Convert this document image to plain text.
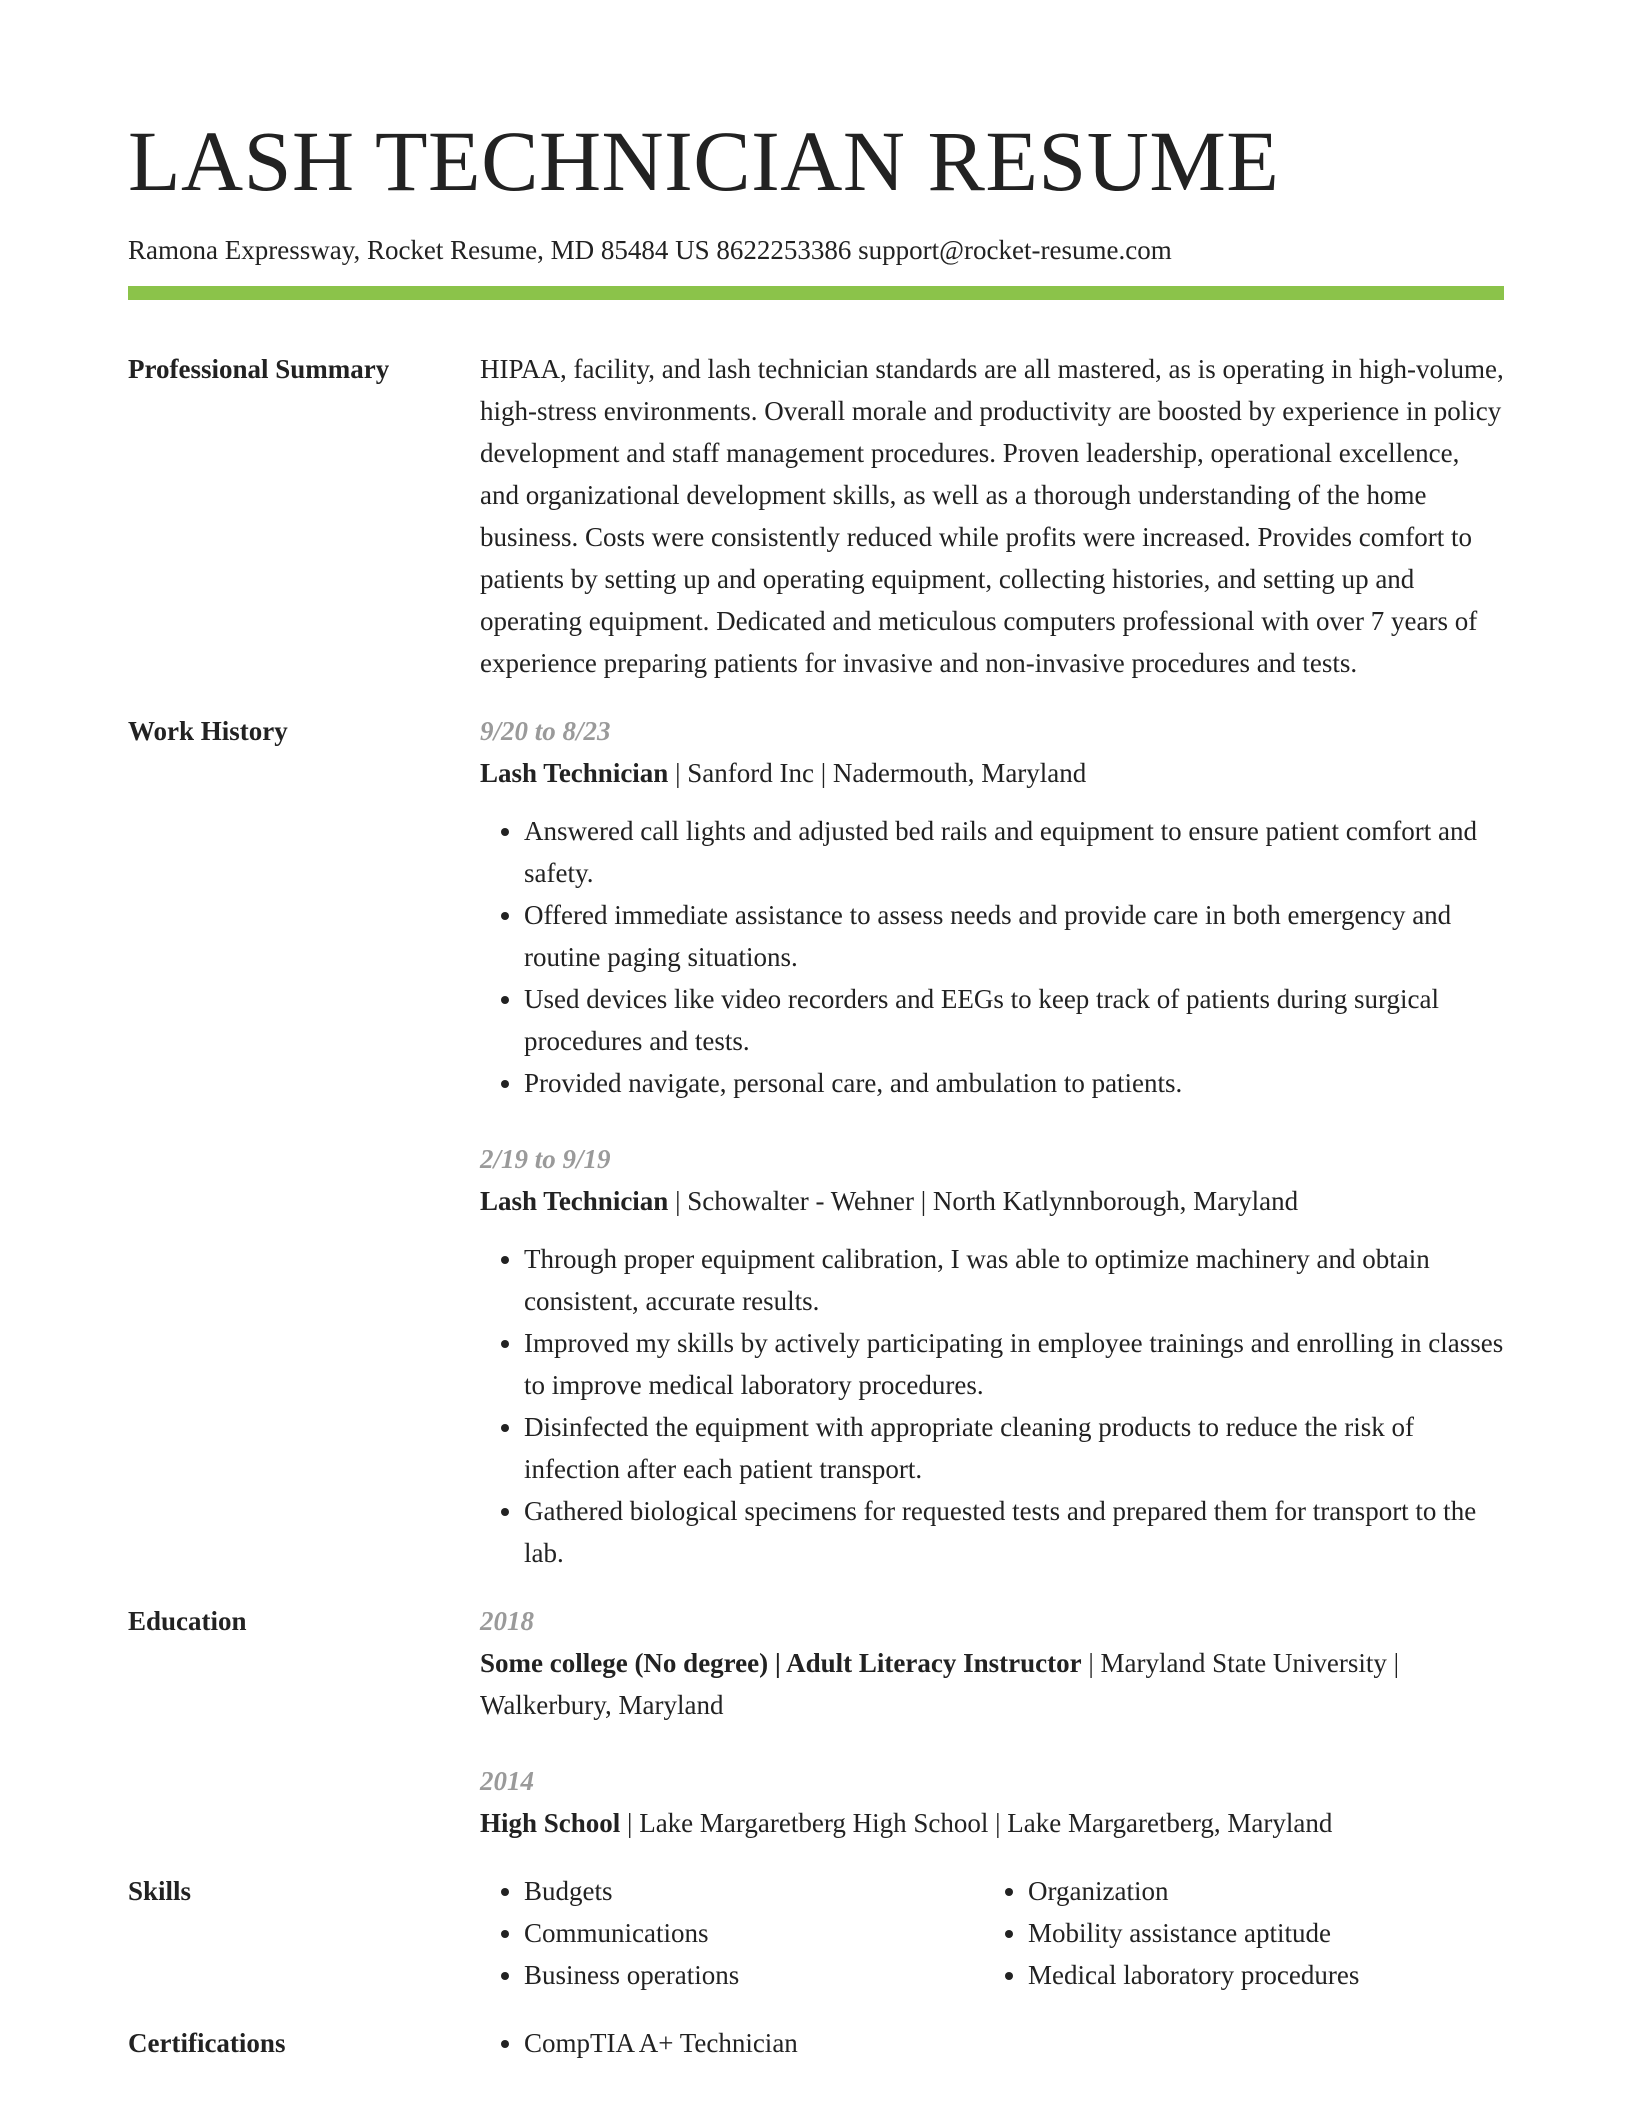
LASH TECHNICIAN RESUME
Ramona Expressway, Rocket Resume, MD 85484 US 8622253386 support@rocket-resume.com
Professional Summary	HIPAA, facility, and lash technician standards are all mastered, as is operating in high-volume, high-stress environments. Overall morale and productivity are boosted by experience in policy development and staff management procedures. Proven leadership, operational excellence, and organizational development skills, as well as a thorough understanding of the home business. Costs were consistently reduced while profits were increased. Provides comfort to patients by setting up and operating equipment, collecting histories, and setting up and operating equipment. Dedicated and meticulous computers professional with over 7 years of experience preparing patients for invasive and non-invasive procedures and tests.

Work History	9/20 to 8/23
Lash Technician | Sanford Inc | Nadermouth, Maryland
• Answered call lights and adjusted bed rails and equipment to ensure patient comfort and safety.
• Offered immediate assistance to assess needs and provide care in both emergency and routine paging situations.
• Used devices like video recorders and EEGs to keep track of patients during surgical procedures and tests.
• Provided navigate, personal care, and ambulation to patients.
2/19 to 9/19
Lash Technician | Schowalter - Wehner | North Katlynnborough, Maryland
• Through proper equipment calibration, I was able to optimize machinery and obtain consistent, accurate results.
• Improved my skills by actively participating in employee trainings and enrolling in classes to improve medical laboratory procedures.
• Disinfected the equipment with appropriate cleaning products to reduce the risk of infection after each patient transport.
• Gathered biological specimens for requested tests and prepared them for transport to the lab.
Education	2018
Some college (No degree) | Adult Literacy Instructor | Maryland State University | Walkerbury, Maryland
2014
High School | Lake Margaretberg High School | Lake Margaretberg, Maryland
Skills	• Budgets
• Communications
• Business operations
• Organization
• Mobility assistance aptitude
• Medical laboratory procedures
Certifications	• CompTIA A+ Technician
